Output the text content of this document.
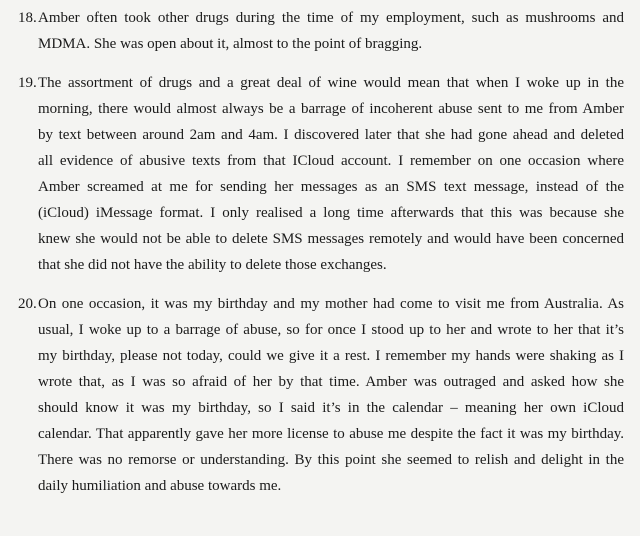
18. Amber often took other drugs during the time of my employment, such as mushrooms and
MDMA. She was open about it, almost to the point of bragging.
19. The assortment of drugs and a great deal of wine would mean that when I woke up in the
morning, there would almost always be a barrage of incoherent abuse sent to me from Amber
by text between around 2am and 4am. I discovered later that she had gone ahead and deleted
all evidence of abusive texts from that ICloud account. I remember on one occasion where
Amber screamed at me for sending her messages as an SMS text message, instead of the
(iCloud) iMessage format. I only realised a long time afterwards that this was because she
knew she would not be able to delete SMS messages remotely and would have been concerned
that she did not have the ability to delete those exchanges.
20. On one occasion, it was my birthday and my mother had come to visit me from Australia. As
usual, I woke up to a barrage of abuse, so for once I stood up to her and wrote to her that it’s
my birthday, please not today, could we give it a rest. I remember my hands were shaking as I
wrote that, as I was so afraid of her by that time. Amber was outraged and asked how she
should know it was my birthday, so I said it’s in the calendar – meaning her own iCloud
calendar. That apparently gave her more license to abuse me despite the fact it was my birthday.
There was no remorse or understanding. By this point she seemed to relish and delight in the
daily humiliation and abuse towards me.
